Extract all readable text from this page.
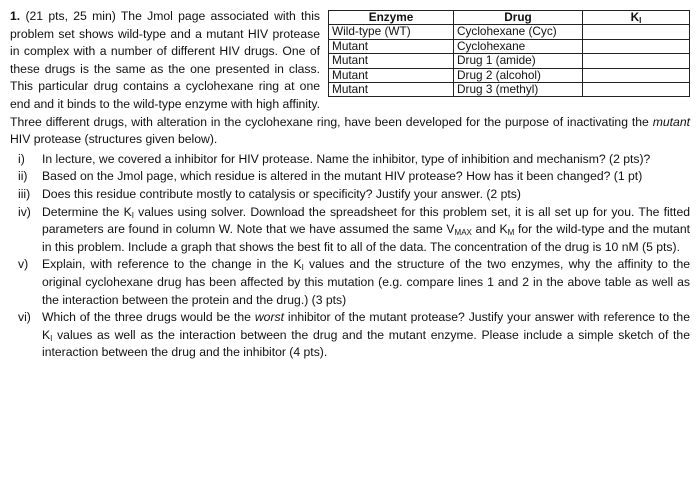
Enzyme	Drug	$K_I$
Wild-type (WT)	Cyclohexane (Cyc)	
Mutant	Cyclohexane	
Mutant	Drug 1 (amide)	
Mutant	Drug 2 (alcohol)	
Mutant	Drug 3 (methyl)	
1. (21 pts, 25 min) The Jmol page associated with this problem set shows wild-type and a mutant HIV protease in complex with a number of different HIV drugs. One of these drugs is the same as the one presented in class. This particular drug contains a cyclohexane ring at one end and it binds to the wild-type enzyme with high affinity. Three different drugs, with alteration in the cyclohexane ring, have been developed for the purpose of inactivating the mutant HIV protease (structures given below).
i) In lecture, we covered a inhibitor for HIV protease. Name the inhibitor, type of inhibition and mechanism? (2 pts)?
ii) Based on the Jmol page, which residue is altered in the mutant HIV protease? How has it been changed? (1 pt)
iii) Does this residue contribute mostly to catalysis or specificity? Justify your answer. (2 pts)
iv) Determine the $K_I$ values using solver. Download the spreadsheet for this problem set, it is all set up for you. The fitted parameters are found in column W. Note that we have assumed the same $V_{MAX}$ and $K_M$ for the wild-type and the mutant in this problem. Include a graph that shows the best fit to all of the data. The concentration of the drug is 10 nM (5 pts).
v) Explain, with reference to the change in the $K_I$ values and the structure of the two enzymes, why the affinity to the original cyclohexane drug has been affected by this mutation (e.g. compare lines 1 and 2 in the above table as well as the interaction between the protein and the drug.) (3 pts)
vi) Which of the three drugs would be the worst inhibitor of the mutant protease? Justify your answer with reference to the $K_I$ values as well as the interaction between the drug and the mutant enzyme. Please include a simple sketch of the interaction between the drug and the inhibitor (4 pts).
